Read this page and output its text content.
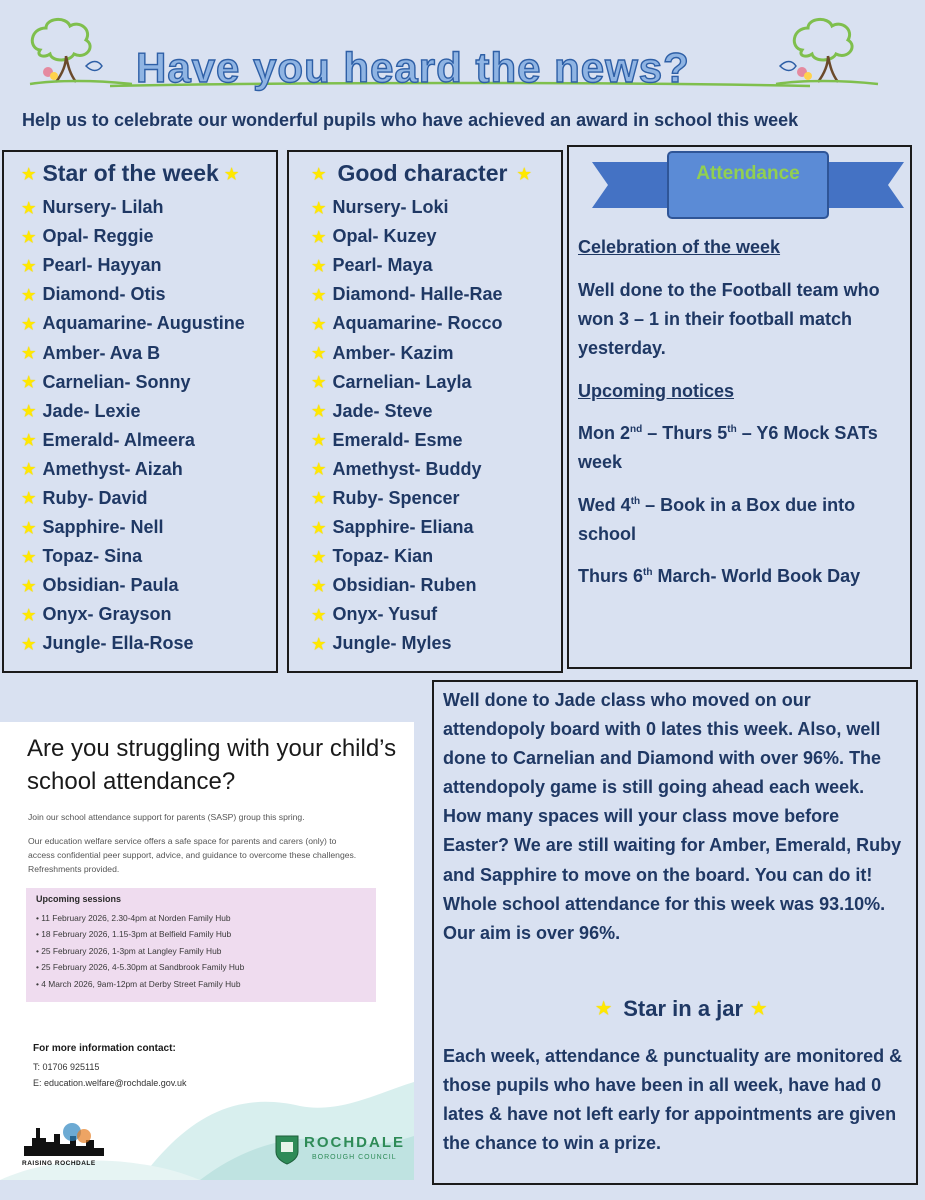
Have you heard the news?
Help us to celebrate our wonderful pupils who have achieved an award in school this week
★ Star of the week ★
★ Nursery- Lilah
★ Opal- Reggie
★ Pearl- Hayyan
★ Diamond- Otis
★ Aquamarine- Augustine
★ Amber- Ava B
★ Carnelian- Sonny
★ Jade- Lexie
★ Emerald- Almeera
★ Amethyst- Aizah
★ Ruby- David
★ Sapphire- Nell
★ Topaz- Sina
★ Obsidian- Paula
★ Onyx- Grayson
★ Jungle- Ella-Rose
★ Good character ★
★ Nursery- Loki
★ Opal- Kuzey
★ Pearl- Maya
★ Diamond- Halle-Rae
★ Aquamarine- Rocco
★ Amber- Kazim
★ Carnelian- Layla
★ Jade- Steve
★ Emerald- Esme
★ Amethyst- Buddy
★ Ruby- Spencer
★ Sapphire- Eliana
★ Topaz- Kian
★ Obsidian- Ruben
★ Onyx- Yusuf
★ Jungle- Myles
Attendance
Celebration of the week
Well done to the Football team who won 3 – 1 in their football match yesterday.
Upcoming notices
Mon 2nd – Thurs 5th – Y6 Mock SATs week
Wed 4th – Book in a Box due into school
Thurs 6th March- World Book Day
Are you struggling with your child’s school attendance?
Join our school attendance support for parents (SASP) group this spring.
Our education welfare service offers a safe space for parents and carers (only) to access confidential peer support, advice, and guidance to overcome these challenges. Refreshments provided.
Upcoming sessions
• 11 February 2026, 2.30-4pm at Norden Family Hub
• 18 February 2026, 1.15-3pm at Belfield Family Hub
• 25 February 2026, 1-3pm at Langley Family Hub
• 25 February 2026, 4-5.30pm at Sandbrook Family Hub
• 4 March 2026, 9am-12pm at Derby Street Family Hub
For more information contact:
T: 01706 925115
E: education.welfare@rochdale.gov.uk
RAISING ROCHDALE
ROCHDALE
BOROUGH COUNCIL
Well done to Jade class who moved on our attendopoly board with 0 lates this week. Also, well done to Carnelian and Diamond with over 96%. The attendopoly game is still going ahead each week. How many spaces will your class move before Easter? We are still waiting for Amber, Emerald, Ruby and Sapphire to move on the board. You can do it! Whole school attendance for this week was 93.10%. Our aim is over 96%.
★ Star in a jar ★
Each week, attendance & punctuality are monitored & those pupils who have been in all week, have had 0 lates & have not left early for appointments are given the chance to win a prize.
